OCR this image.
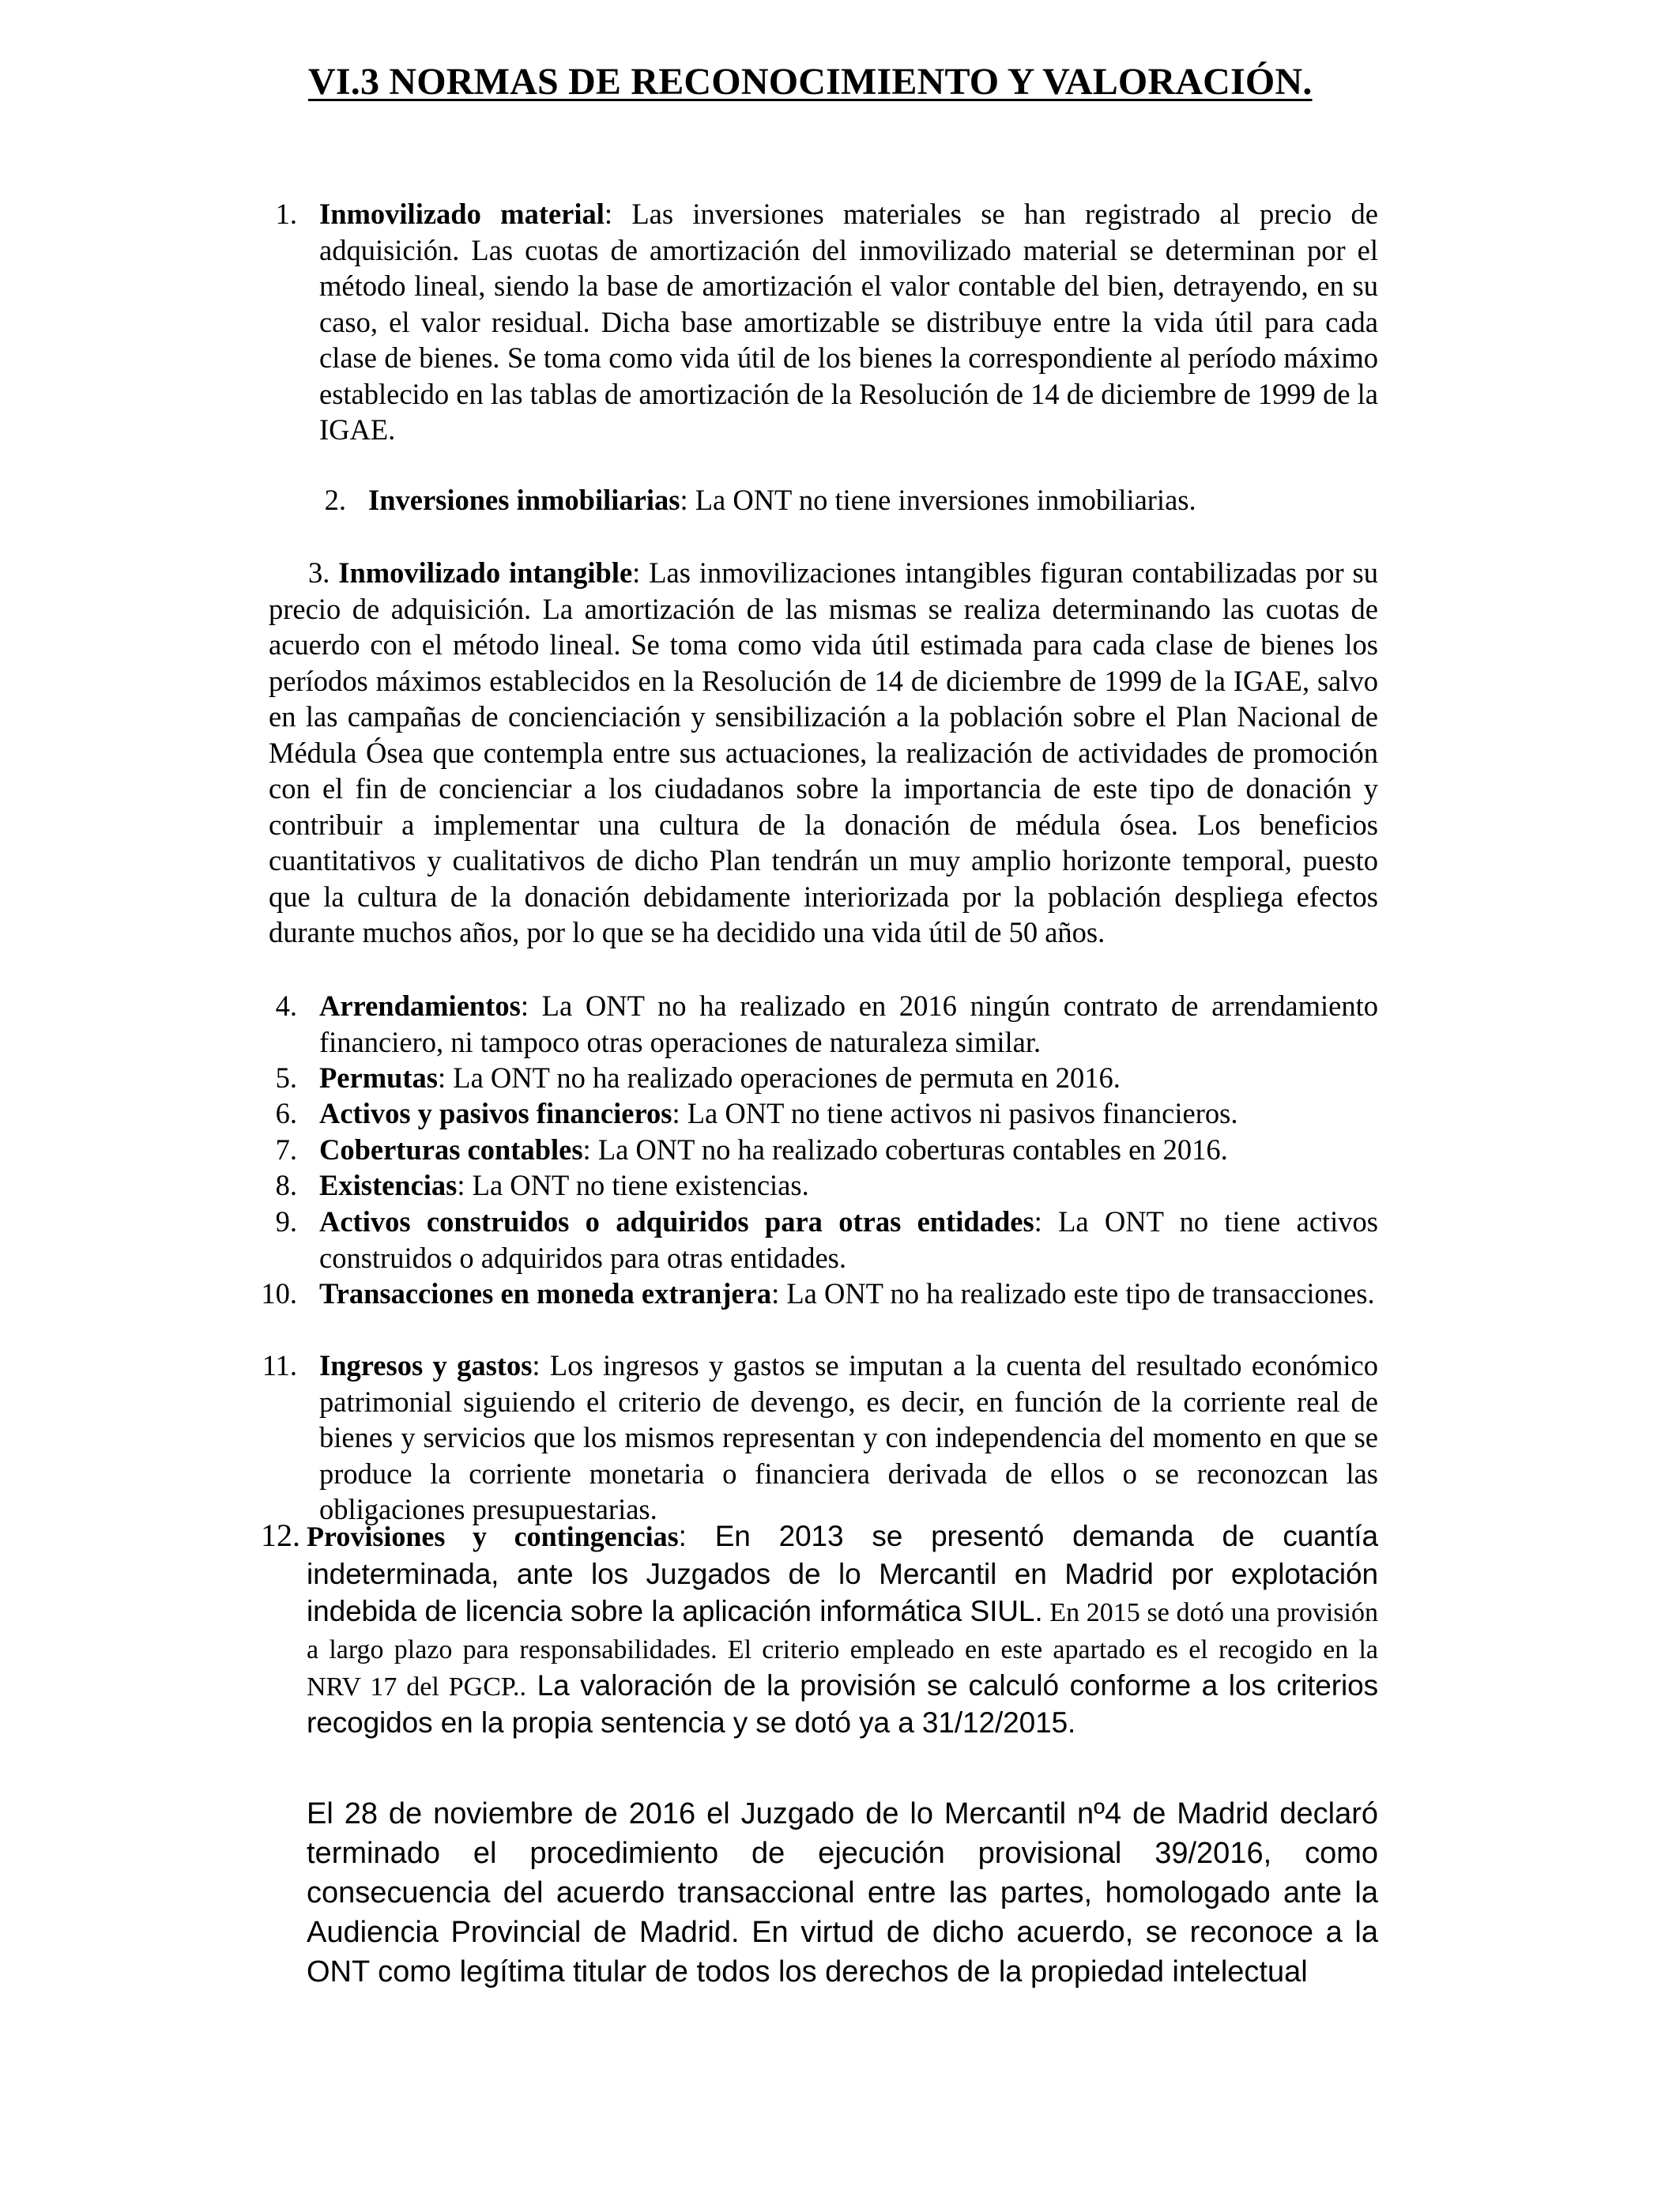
VI.3 NORMAS DE RECONOCIMIENTO Y VALORACIÓN.
1. Inmovilizado material: Las inversiones materiales se han registrado al precio de adquisición. Las cuotas de amortización del inmovilizado material se determinan por el método lineal, siendo la base de amortización el valor contable del bien, detrayendo, en su caso, el valor residual. Dicha base amortizable se distribuye entre la vida útil para cada clase de bienes. Se toma como vida útil de los bienes la correspondiente al período máximo establecido en las tablas de amortización de la Resolución de 14 de diciembre de 1999 de la IGAE.
2. Inversiones inmobiliarias: La ONT no tiene inversiones inmobiliarias.
3. Inmovilizado intangible: Las inmovilizaciones intangibles figuran contabilizadas por su precio de adquisición. La amortización de las mismas se realiza determinando las cuotas de acuerdo con el método lineal. Se toma como vida útil estimada para cada clase de bienes los períodos máximos establecidos en la Resolución de 14 de diciembre de 1999 de la IGAE, salvo en las campañas de concienciación y sensibilización a la población sobre el Plan Nacional de Médula Ósea que contempla entre sus actuaciones, la realización de actividades de promoción con el fin de concienciar a los ciudadanos sobre la importancia de este tipo de donación y contribuir a implementar una cultura de la donación de médula ósea. Los beneficios cuantitativos y cualitativos de dicho Plan tendrán un muy amplio horizonte temporal, puesto que la cultura de la donación debidamente interiorizada por la población despliega efectos durante muchos años, por lo que se ha decidido una vida útil de 50 años.
4. Arrendamientos: La ONT no ha realizado en 2016 ningún contrato de arrendamiento financiero, ni tampoco otras operaciones de naturaleza similar.
5. Permutas: La ONT no ha realizado operaciones de permuta en 2016.
6. Activos y pasivos financieros: La ONT no tiene activos ni pasivos financieros.
7. Coberturas contables: La ONT no ha realizado coberturas contables en 2016.
8. Existencias: La ONT no tiene existencias.
9. Activos construidos o adquiridos para otras entidades: La ONT no tiene activos construidos o adquiridos para otras entidades.
10. Transacciones en moneda extranjera: La ONT no ha realizado este tipo de transacciones.
11. Ingresos y gastos: Los ingresos y gastos se imputan a la cuenta del resultado económico patrimonial siguiendo el criterio de devengo, es decir, en función de la corriente real de bienes y servicios que los mismos representan y con independencia del momento en que se produce la corriente monetaria o financiera derivada de ellos o se reconozcan las obligaciones presupuestarias.
12. Provisiones y contingencias: En 2013 se presentó demanda de cuantía indeterminada, ante los Juzgados de lo Mercantil en Madrid por explotación indebida de licencia sobre la aplicación informática SIUL. En 2015 se dotó una provisión a largo plazo para responsabilidades. El criterio empleado en este apartado es el recogido en la NRV 17 del PGCP.. La valoración de la provisión se calculó conforme a los criterios recogidos en la propia sentencia y se dotó ya a 31/12/2015.

El 28 de noviembre de 2016 el Juzgado de lo Mercantil nº4 de Madrid declaró terminado el procedimiento de ejecución provisional 39/2016, como consecuencia del acuerdo transaccional entre las partes, homologado ante la Audiencia Provincial de Madrid. En virtud de dicho acuerdo, se reconoce a la ONT como legítima titular de todos los derechos de la propiedad intelectual
